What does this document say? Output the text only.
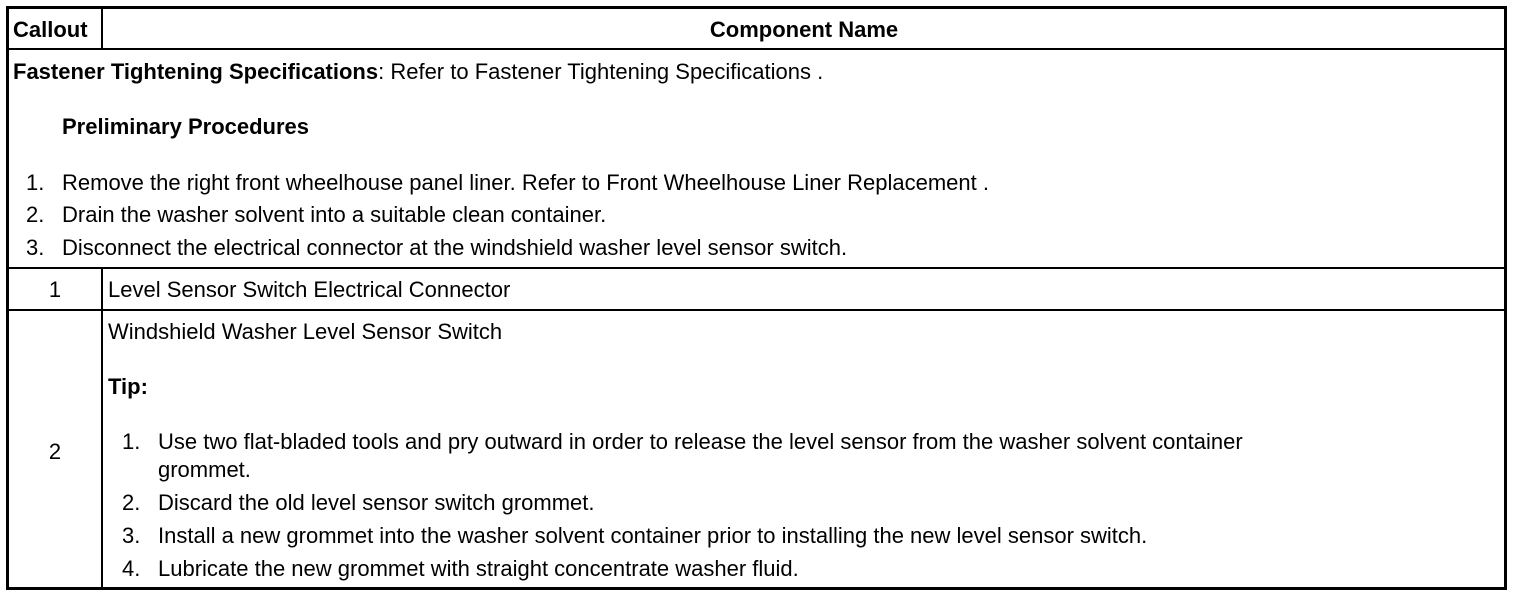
Callout	Component Name
Fastener Tightening Specifications: Refer to Fastener Tightening Specifications .
Preliminary Procedures
1. Remove the right front wheelhouse panel liner. Refer to Front Wheelhouse Liner Replacement .
2. Drain the washer solvent into a suitable clean container.
3. Disconnect the electrical connector at the windshield washer level sensor switch.
1	Level Sensor Switch Electrical Connector
2
Windshield Washer Level Sensor Switch
Tip:
1. Use two flat-bladed tools and pry outward in order to release the level sensor from the washer solvent container
grommet.
2. Discard the old level sensor switch grommet.
3. Install a new grommet into the washer solvent container prior to installing the new level sensor switch.
4. Lubricate the new grommet with straight concentrate washer fluid.
